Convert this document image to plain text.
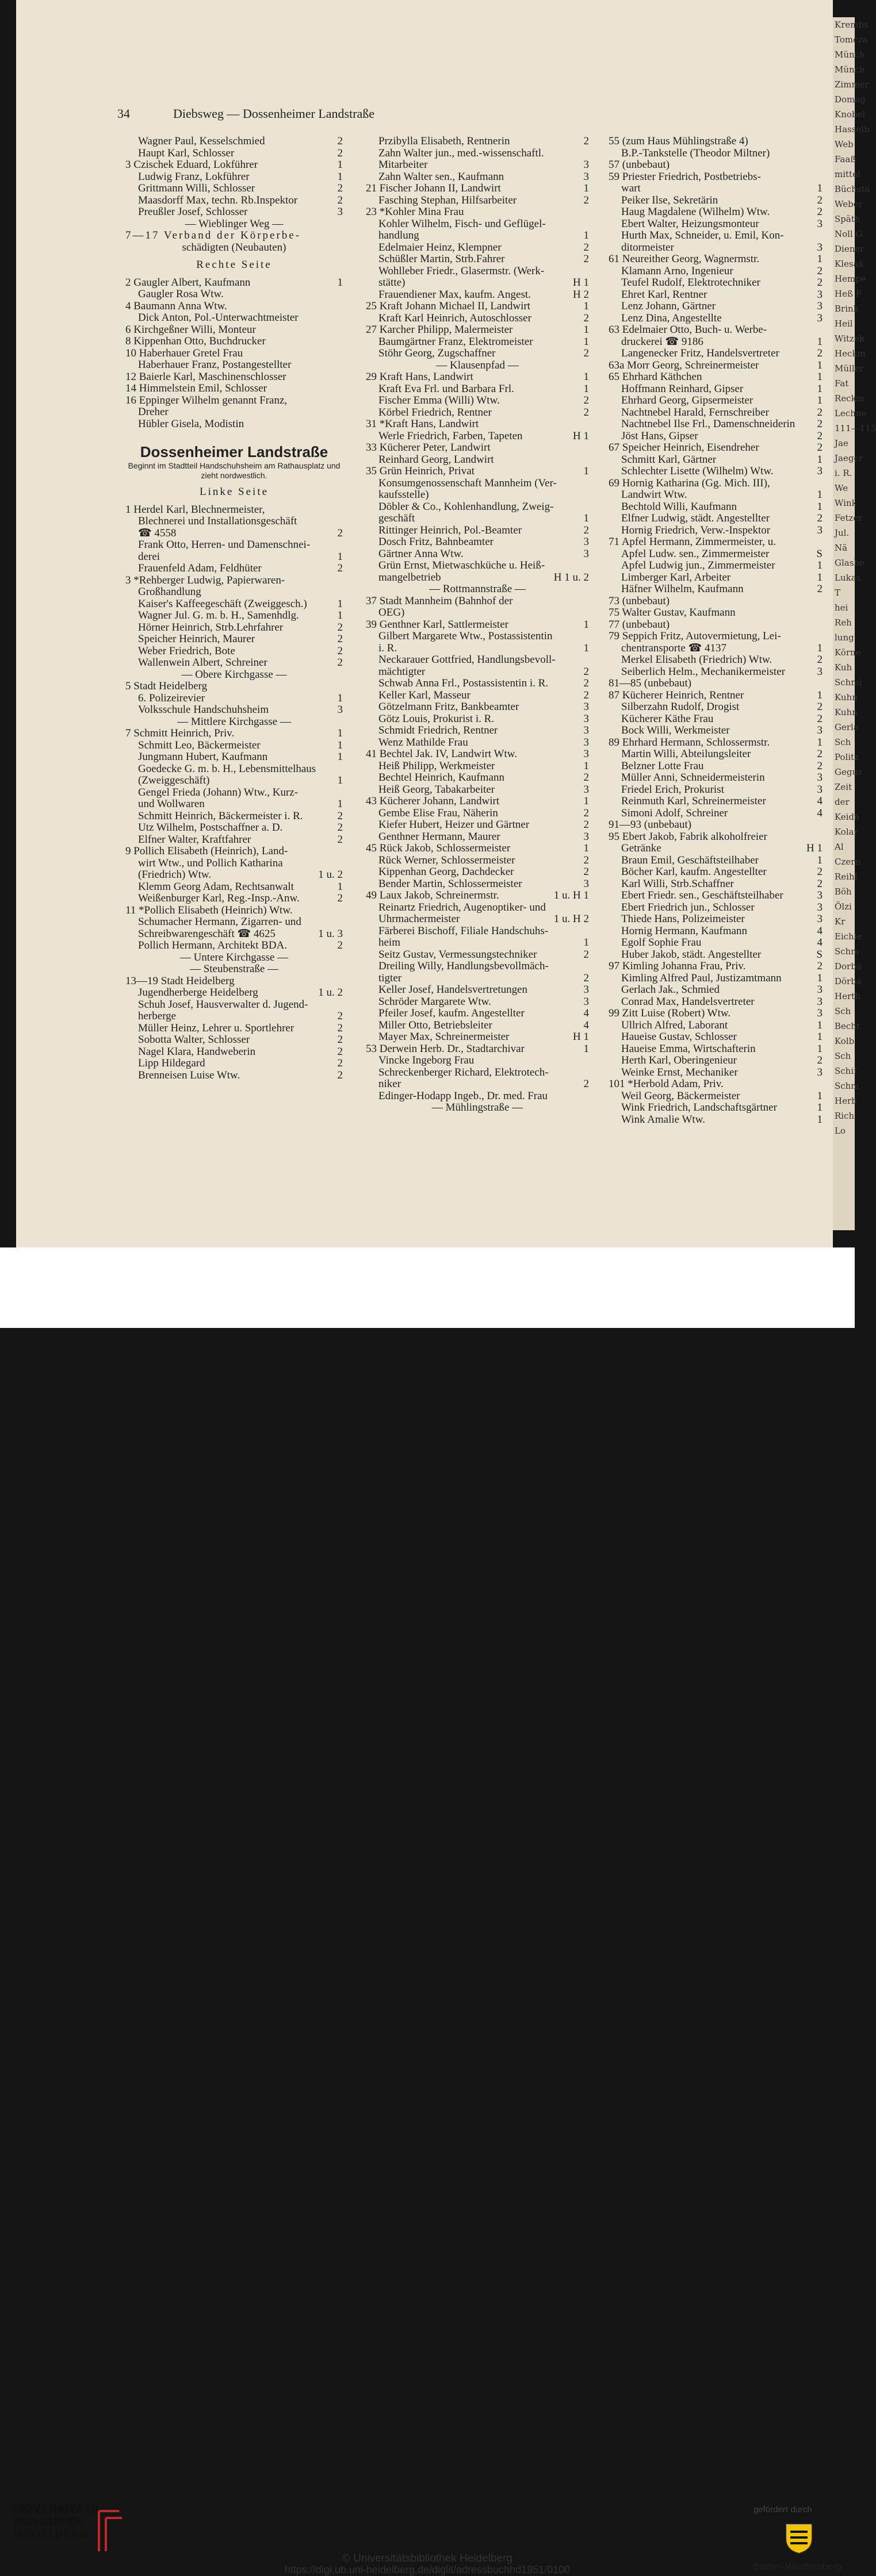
34	Diebsweg — Dossenheimer Landstraße
Wagner Paul, Kesselschmied	2
Haupt Karl, Schlosser	2
3 Czischek Eduard, Lokführer	1
Ludwig Franz, Lokführer	1
Grittmann Willi, Schlosser	2
Maasdorff Max, techn. Rb.Inspektor	2
Preußler Josef, Schlosser	3
— Wieblinger Weg —
7—17 Verband der Körperbe-
schädigten (Neubauten)
Rechte Seite
2 Gaugler Albert, Kaufmann	1
Gaugler Rosa Wtw.
4 Baumann Anna Wtw.
Dick Anton, Pol.-Unterwachtmeister
6 Kirchgeßner Willi, Monteur
8 Kippenhan Otto, Buchdrucker
10 Haberhauer Gretel Frau
Haberhauer Franz, Postangestellter
12 Baierle Karl, Maschinenschlosser
14 Himmelstein Emil, Schlosser
16 Eppinger Wilhelm genannt Franz,
Dreher
Hübler Gisela, Modistin
Dossenheimer Landstraße
Beginnt im Stadtteil Handschuhsheim am Rathausplatz und zieht nordwestlich.
Linke Seite
1 Herdel Karl, Blechnermeister,
Blechnerei und Installationsgeschäft
☎ 4558	2
Frank Otto, Herren- und Damenschnei-
derei	1
Frauenfeld Adam, Feldhüter	2
3 *Rehberger Ludwig, Papierwaren-
Großhandlung
Kaiser's Kaffeegeschäft (Zweiggesch.)	1
Wagner Jul. G. m. b. H., Samenhdlg.	1
Hörner Heinrich, Strb.Lehrfahrer	2
Speicher Heinrich, Maurer	2
Weber Friedrich, Bote	2
Wallenwein Albert, Schreiner	2
— Obere Kirchgasse —
5 Stadt Heidelberg
6. Polizeirevier	1
Volksschule Handschuhsheim	3
— Mittlere Kirchgasse —
7 Schmitt Heinrich, Priv.	1
Schmitt Leo, Bäckermeister	1
Jungmann Hubert, Kaufmann	1
Goedecke G. m. b. H., Lebensmittelhaus
(Zweiggeschäft)	1
Gengel Frieda (Johann) Wtw., Kurz-
und Wollwaren	1
Schmitt Heinrich, Bäckermeister i. R.	2
Utz Wilhelm, Postschaffner a. D.	2
Elfner Walter, Kraftfahrer	2
9 Pollich Elisabeth (Heinrich), Land-
wirt Wtw., und Pollich Katharina
(Friedrich) Wtw.	1 u. 2
Klemm Georg Adam, Rechtsanwalt	1
Weißenburger Karl, Reg.-Insp.-Anw.	2
11 *Pollich Elisabeth (Heinrich) Wtw.
Schumacher Hermann, Zigarren- und
Schreibwarengeschäft ☎ 4625	1 u. 3
Pollich Hermann, Architekt BDA.	2
— Untere Kirchgasse —
— Steubenstraße —
13—19 Stadt Heidelberg
Jugendherberge Heidelberg	1 u. 2
Schuh Josef, Hausverwalter d. Jugend-
herberge	2
Müller Heinz, Lehrer u. Sportlehrer	2
Sobotta Walter, Schlosser	2
Nagel Klara, Handweberin	2
Lipp Hildegard	2
Brenneisen Luise Wtw.	2
Przibylla Elisabeth, Rentnerin	2
Zahn Walter jun., med.-wissenschaftl.
Mitarbeiter	3
Zahn Walter sen., Kaufmann	3
21 Fischer Johann II, Landwirt	1
Fasching Stephan, Hilfsarbeiter	2
23 *Kohler Mina Frau
Kohler Wilhelm, Fisch- und Geflügel-
handlung	1
Edelmaier Heinz, Klempner	2
Schüßler Martin, Strb.Fahrer	2
Wohlleber Friedr., Glasermstr. (Werk-
stätte)	H 1
Frauendiener Max, kaufm. Angest.	H 2
25 Kraft Johann Michael II, Landwirt	1
Kraft Karl Heinrich, Autoschlosser	2
27 Karcher Philipp, Malermeister	1
Baumgärtner Franz, Elektromeister	1
Stöhr Georg, Zugschaffner	2
— Klausenpfad —
29 Kraft Hans, Landwirt	1
Kraft Eva Frl. und Barbara Frl.	1
Fischer Emma (Willi) Wtw.	2
Körbel Friedrich, Rentner	2
31 *Kraft Hans, Landwirt
Werle Friedrich, Farben, Tapeten	H 1
33 Kücherer Peter, Landwirt
Reinhard Georg, Landwirt
35 Grün Heinrich, Privat	1
Konsumgenossenschaft Mannheim (Ver-
kaufsstelle)
Döbler & Co., Kohlenhandlung, Zweig-
geschäft	1
Rittinger Heinrich, Pol.-Beamter	2
Dosch Fritz, Bahnbeamter	3
Gärtner Anna Wtw.	3
Grün Ernst, Mietwaschküche u. Heiß-
mangelbetrieb	H 1 u. 2
— Rottmannstraße —
37 Stadt Mannheim (Bahnhof der
OEG)
39 Genthner Karl, Sattlermeister	1
Gilbert Margarete Wtw., Postassistentin
i. R.	1
Neckarauer Gottfried, Handlungsbevoll-
mächtigter	2
Schwab Anna Frl., Postassistentin i. R.	2
Keller Karl, Masseur	2
Götzelmann Fritz, Bankbeamter	3
Götz Louis, Prokurist i. R.	3
Schmidt Friedrich, Rentner	3
Wenz Mathilde Frau	3
41 Bechtel Jak. IV, Landwirt Wtw.	3
Heiß Philipp, Werkmeister	1
Bechtel Heinrich, Kaufmann	2
Heiß Georg, Tabakarbeiter	3
43 Kücherer Johann, Landwirt	1
Gembe Elise Frau, Näherin	2
Kiefer Hubert, Heizer und Gärtner	2
Genthner Hermann, Maurer	3
45 Rück Jakob, Schlossermeister	1
Rück Werner, Schlossermeister	2
Kippenhan Georg, Dachdecker	2
Bender Martin, Schlossermeister	3
49 Laux Jakob, Schreinermstr.	1 u. H 1
Reinartz Friedrich, Augenoptiker- und
Uhrmachermeister	1 u. H 2
Färberei Bischoff, Filiale Handschuhs-
heim	1
Seitz Gustav, Vermessungstechniker	2
Dreiling Willy, Handlungsbevollmäch-
tigter	2
Keller Josef, Handelsvertretungen	3
Schröder Margarete Wtw.	3
Pfeiler Josef, kaufm. Angestellter	4
Miller Otto, Betriebsleiter	4
Mayer Max, Schreinermeister	H 1
53 Derwein Herb. Dr., Stadtarchivar	1
Vincke Ingeborg Frau
Schreckenberger Richard, Elektrotech-
niker	2
Edinger-Hodapp Ingeb., Dr. med. Frau
— Mühlingstraße —
55 (zum Haus Mühlingstraße 4)
B.P.-Tankstelle (Theodor Miltner)
57 (unbebaut)
59 Priester Friedrich, Postbetriebs-
wart	1
Peiker Ilse, Sekretärin	2
Haug Magdalene (Wilhelm) Wtw.	2
Ebert Walter, Heizungsmonteur	3
Hurth Max, Schneider, u. Emil, Kon-
ditormeister	3
61 Neureither Georg, Wagnermstr.	1
Klamann Arno, Ingenieur	2
Teufel Rudolf, Elektrotechniker	2
Ehret Karl, Rentner	3
Lenz Johann, Gärtner	3
Lenz Dina, Angestellte	3
63 Edelmaier Otto, Buch- u. Werbe-
druckerei ☎ 9186	1
Langenecker Fritz, Handelsvertreter	2
63a Morr Georg, Schreinermeister	1
65 Ehrhard Käthchen	1
Hoffmann Reinhard, Gipser	1
Ehrhard Georg, Gipsermeister	1
Nachtnebel Harald, Fernschreiber	2
Nachtnebel Ilse Frl., Damenschneiderin 2
Jöst Hans, Gipser	2
67 Speicher Heinrich, Eisendreher	2
Schmitt Karl, Gärtner	1
Schlechter Lisette (Wilhelm) Wtw.	3
69 Hornig Katharina (Gg. Mich. III),
Landwirt Wtw.	1
Bechtold Willi, Kaufmann	1
Elfner Ludwig, städt. Angestellter	2
Hornig Friedrich, Verw.-Inspektor	3
71 Apfel Hermann, Zimmermeister, u.
Apfel Ludw. sen., Zimmermeister	S
Apfel Ludwig jun., Zimmermeister	1
Limberger Karl, Arbeiter	1
Häfner Wilhelm, Kaufmann	2
73 (unbebaut)
75 Walter Gustav, Kaufmann
77 (unbebaut)
79 Seppich Fritz, Autovermietung, Lei-
chentransporte ☎ 4137	1
Merkel Elisabeth (Friedrich) Wtw.	2
Seiberlich Helm., Mechanikermeister	3
81—85 (unbebaut)
87 Kücherer Heinrich, Rentner	1
Silberzahn Rudolf, Drogist	2
Kücherer Käthe Frau	2
Bock Willi, Werkmeister	3
89 Ehrhard Hermann, Schlossermstr.	1
Martin Willi, Abteilungsleiter	2
Belzner Lotte Frau	2
Müller Anni, Schneidermeisterin	3
Friedel Erich, Prokurist	3
Reinmuth Karl, Schreinermeister	4
Simoni Adolf, Schreiner	4
91—93 (unbebaut)
95 Ebert Jakob, Fabrik alkoholfreier
Getränke	H 1
Braun Emil, Geschäftsteilhaber	1
Böcher Karl, kaufm. Angestellter	2
Karl Willi, Strb.Schaffner	2
Ebert Friedr. sen., Geschäftsteilhaber	3
Ebert Friedrich jun., Schlosser	3
Thiede Hans, Polizeimeister	3
Hornig Hermann, Kaufmann	4
Egolf Sophie Frau	4
Huber Jakob, städt. Angestellter	S
97 Kimling Johanna Frau, Priv.	2
Kimling Alfred Paul, Justizamtmann	1
Gerlach Jak., Schmied	3
Conrad Max, Handelsvertreter	3
99 Zitt Luise (Robert) Wtw.	3
Ullrich Alfred, Laborant	1
Haueise Gustav, Schlosser	1
Haueise Emma, Wirtschafterin	1
Herth Karl, Oberingenieur	2
Weinke Ernst, Mechaniker	3
101 *Herbold Adam, Priv.
Weil Georg, Bäckermeister	1
Wink Friedrich, Landschaftsgärtner	1
Wink Amalie Wtw.	1
Krembs
Tomcza
Münch
Münch
Zimmer
Domag
Knobel
Hasselb
Web
Faaß
mittel
Büchstä
Weber
Späth
Noll G
Diener
Klesak
Hempe
Heß F
Brink
Heil
Witzek
Heckm
Müller
Fat
Reckm
Lechne
111—115
Jae
Jaeger
i. R.
We
Wink
Fetzer
Jul.
Nä
Glasbe
Lukas
T
hei
Reh
lung
Körne
Kuh
Schmi
Kuhn
Kuhn
Gerla
Sch
Politz
Gegus
Zeit
der
Keide
Kolar
Al
Czern
Reihl
Böh
Ölzi
Kr
Eichle
Schm
Dorba
Dörba
Herth
Sch
Becht
Kolb
Sch
Schif
Schm
Herb
Rich
Lo
UNIVERSITÄTS-
BIBLIOTHEK
HEIDELBERG
© Universitätsbibliothek Heidelberg
https://digi.ub.uni-heidelberg.de/diglit/adressbuchhd1951/0100
gefördert durch
Baden-Württemberg
